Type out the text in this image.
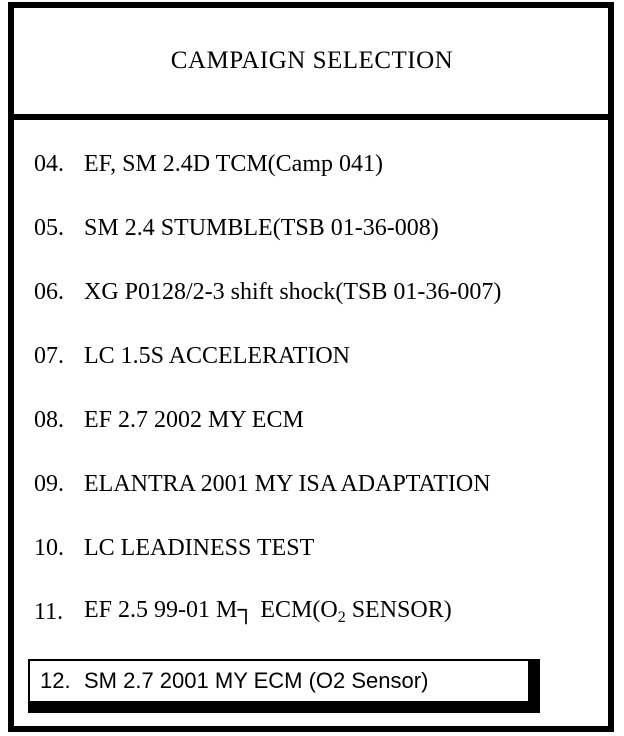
CAMPAIGN SELECTION
04. EF, SM 2.4D TCM(Camp 041)
05. SM 2.4 STUMBLE(TSB 01-36-008)
06. XG P0128/2-3 shift shock(TSB 01-36-007)
07. LC 1.5S ACCELERATION
08. EF 2.7 2002 MY ECM
09. ELANTRA 2001 MY ISA ADAPTATION
10. LC LEADINESS TEST
11. EF 2.5 99-01 M┐ $ECM(O_2$ SENSOR)
12. SM 2.7 2001 MY ECM (O2 Sensor)
